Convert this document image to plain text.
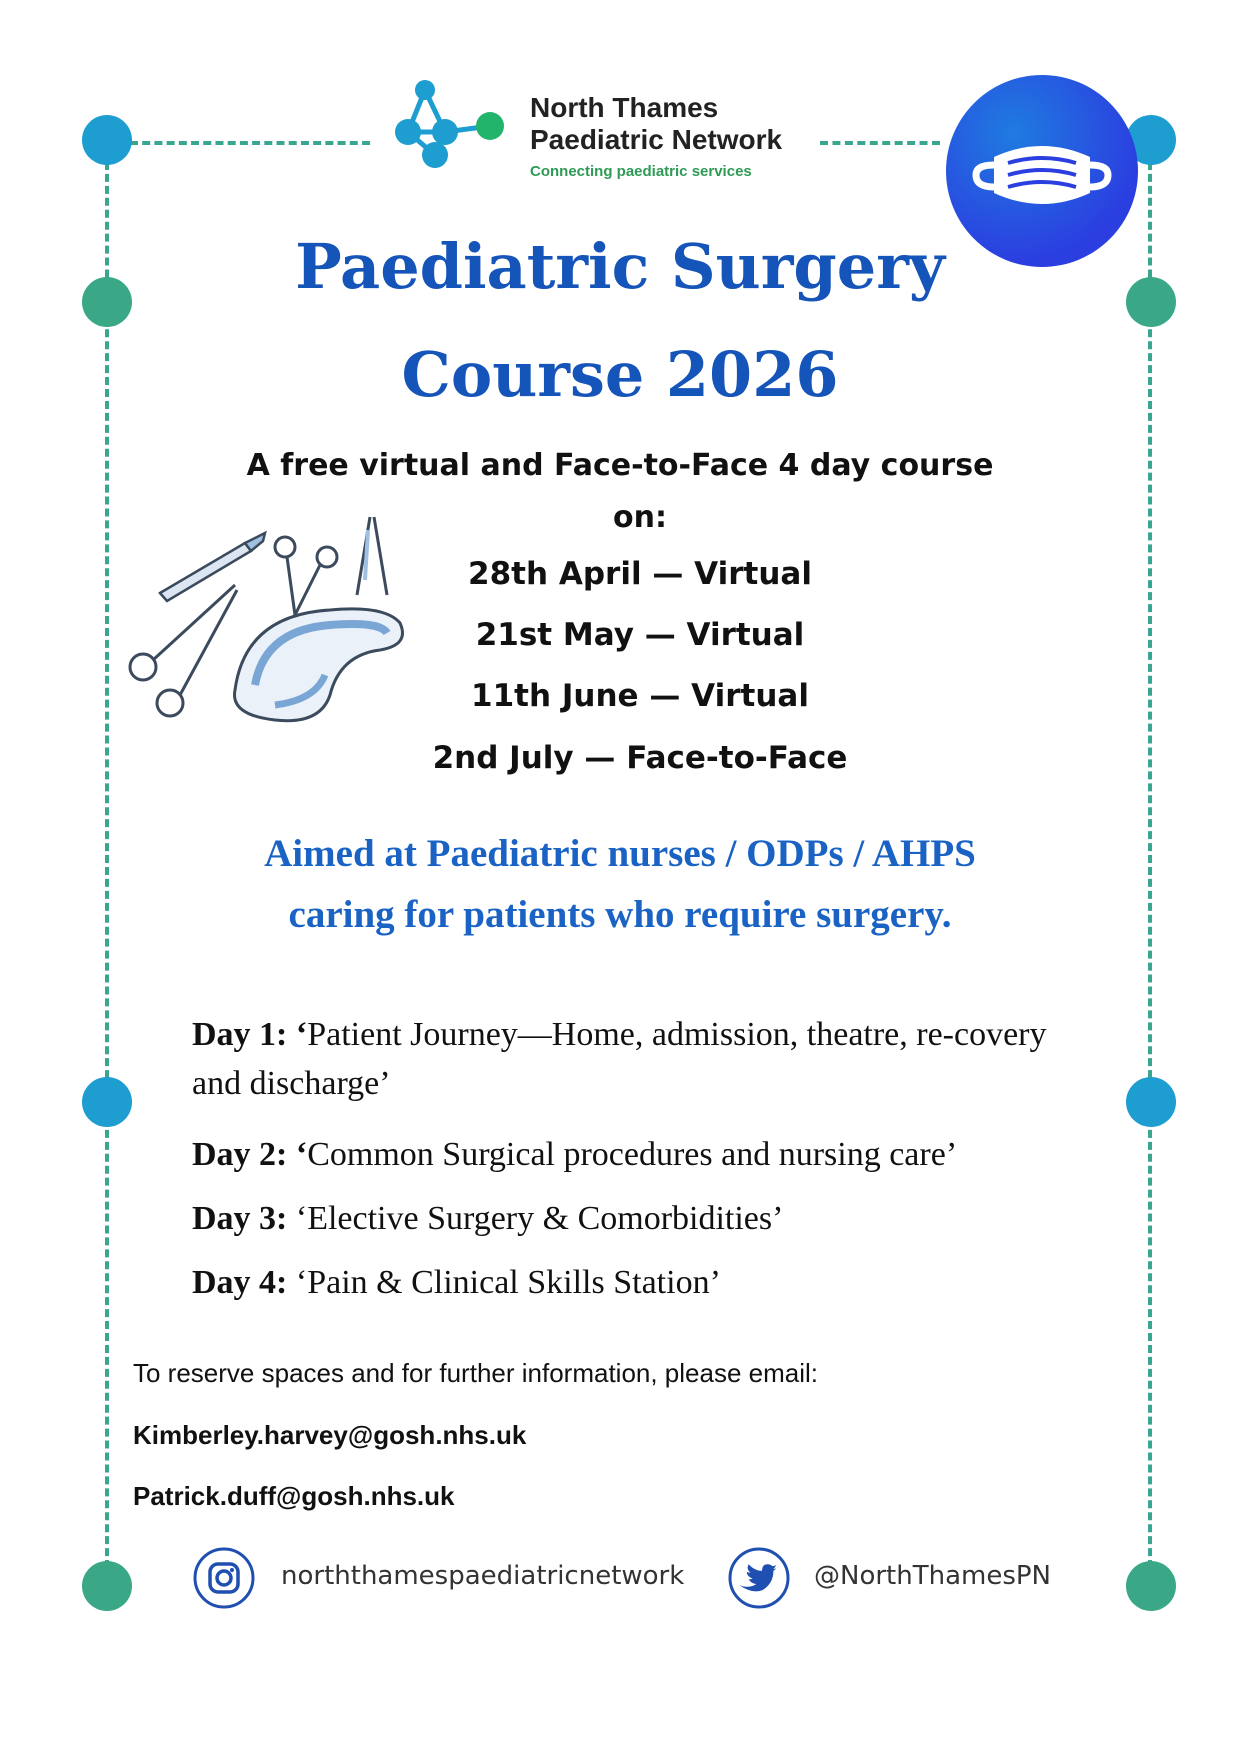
North Thames
Paediatric Network
Connecting paediatric services
Paediatric Surgery
Course 2026
A free virtual and Face-to-Face 4 day course
on:
28th April — Virtual
21st May — Virtual
11th June — Virtual
2nd July — Face-to-Face
Aimed at Paediatric nurses / ODPs / AHPS
caring for patients who require surgery.
Day 1: ‘Patient Journey—Home, admission, theatre, re-covery and discharge’
Day 2: ‘Common Surgical procedures and nursing care’
Day 3: ‘Elective Surgery & Comorbidities’
Day 4: ‘Pain & Clinical Skills Station’
To reserve spaces and for further information, please email:
Kimberley.harvey@gosh.nhs.uk
Patrick.duff@gosh.nhs.uk
norththamespaediatricnetwork	@NorthThamesPN
